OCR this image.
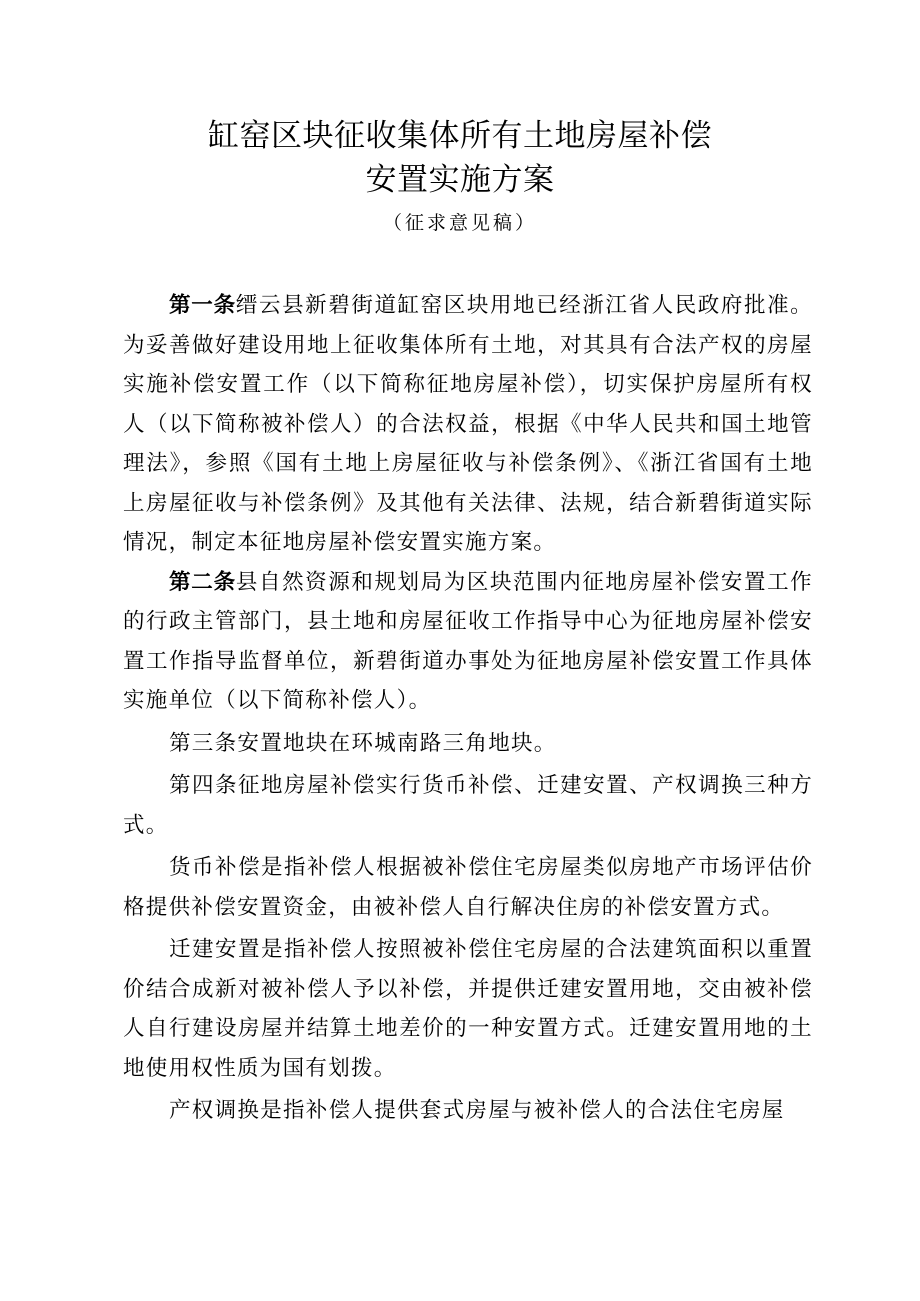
缸窑区块征收集体所有土地房屋补偿
安置实施方案
（征求意见稿）

第一条缙云县新碧街道缸窑区块用地已经浙江省人民政府批准。为妥善做好建设用地上征收集体所有土地，对其具有合法产权的房屋实施补偿安置工作（以下简称征地房屋补偿），切实保护房屋所有权人（以下简称被补偿人）的合法权益，根据《中华人民共和国土地管理法》，参照《国有土地上房屋征收与补偿条例》、《浙江省国有土地上房屋征收与补偿条例》及其他有关法律、法规，结合新碧街道实际情况，制定本征地房屋补偿安置实施方案。

第二条县自然资源和规划局为区块范围内征地房屋补偿安置工作的行政主管部门，县土地和房屋征收工作指导中心为征地房屋补偿安置工作指导监督单位，新碧街道办事处为征地房屋补偿安置工作具体实施单位（以下简称补偿人）。

第三条安置地块在环城南路三角地块。

第四条征地房屋补偿实行货币补偿、迁建安置、产权调换三种方式。

货币补偿是指补偿人根据被补偿住宅房屋类似房地产市场评估价格提供补偿安置资金，由被补偿人自行解决住房的补偿安置方式。

迁建安置是指补偿人按照被补偿住宅房屋的合法建筑面积以重置价结合成新对被补偿人予以补偿，并提供迁建安置用地，交由被补偿人自行建设房屋并结算土地差价的一种安置方式。迁建安置用地的土地使用权性质为国有划拨。

产权调换是指补偿人提供套式房屋与被补偿人的合法住宅房屋
